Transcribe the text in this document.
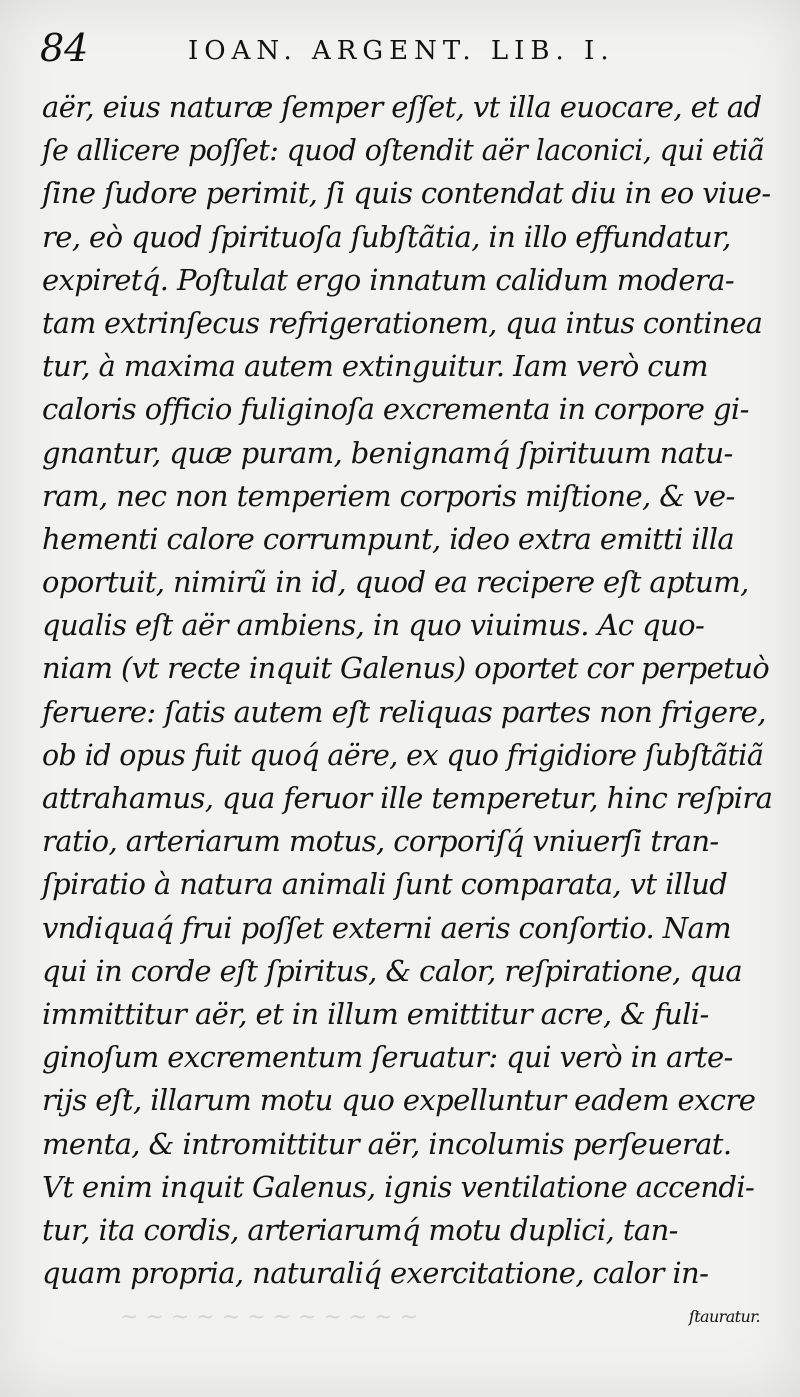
~ ~ ~ ~ ~ ~ ~ ~ ~ ~ ~ ~
84	IOAN. ARGENT. LIB. I.
aër, eius naturæ ſemper eſſet, vt illa euocare, et ad
ſe allicere poſſet: quod oſtendit aër laconici, qui etiã
ſine ſudore perimit, ſi quis contendat diu in eo viue-
re, eò quod ſpirituoſa ſubſtãtia, in illo effundatur,
expiretq́. Poſtulat ergo innatum calidum modera-
tam extrinſecus refrigerationem, qua intus contineа
tur, à maxima autem extinguitur. Iam verò cum
caloris officio fuliginoſa excrementa in corpore gi-
gnantur, quæ puram, benignamq́ ſpirituum natu-
ram, nec non temperiem corporis miſtione, & ve-
hementi calore corrumpunt, ideo extra emitti illa
oportuit, nimirũ in id, quod ea recipere eſt aptum,
qualis eſt aër ambiens, in quo viuimus. Ac quo-
niam (vt recte inquit Galenus) oportet cor perpetuò
feruere: ſatis autem eſt reliquas partes non frigere,
ob id opus fuit quoq́ aëre, ex quo frigidiore ſubſtãtiã
attrahamus, qua feruor ille temperetur, hinc reſpira
ratio, arteriarum motus, corporiſq́ vniuerſi tran-
ſpiratio à natura animali ſunt comparata, vt illud
vndiquaq́ frui poſſet externi aeris conſortio. Nam
qui in corde eſt ſpiritus, & calor, reſpiratione, qua
immittitur aër, et in illum emittitur acre, & fuli-
ginoſum excrementum ſeruatur: qui verò in arte-
rijs eſt, illarum motu quo expelluntur eadem excre
menta, & intromittitur aër, incolumis perſeuerat.
Vt enim inquit Galenus, ignis ventilatione accendi-
tur, ita cordis, arteriarumq́ motu duplici, tan-
quam propria, naturaliq́ exercitatione, calor in-
ſtauratur.
